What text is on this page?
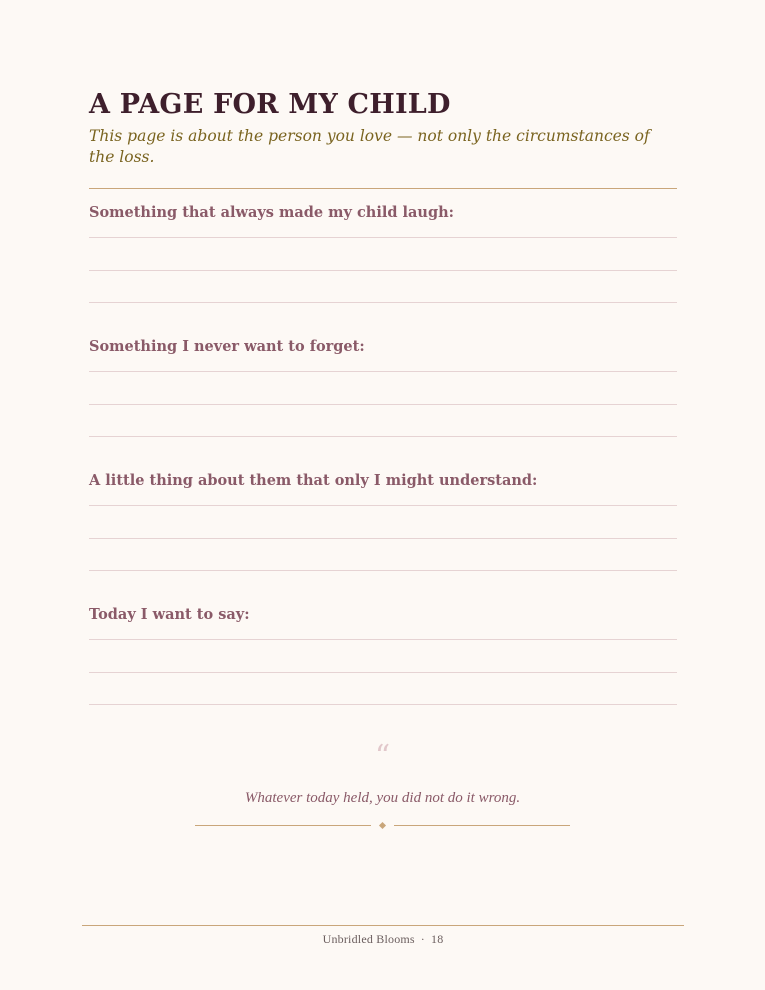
A PAGE FOR MY CHILD

This page is about the person you love — not only the circumstances of the loss.

Something that always made my child laugh:
Something I never want to forget:
A little thing about them that only I might understand:
Today I want to say:
“
Whatever today held, you did not do it wrong.
Unbridled Blooms · 18
